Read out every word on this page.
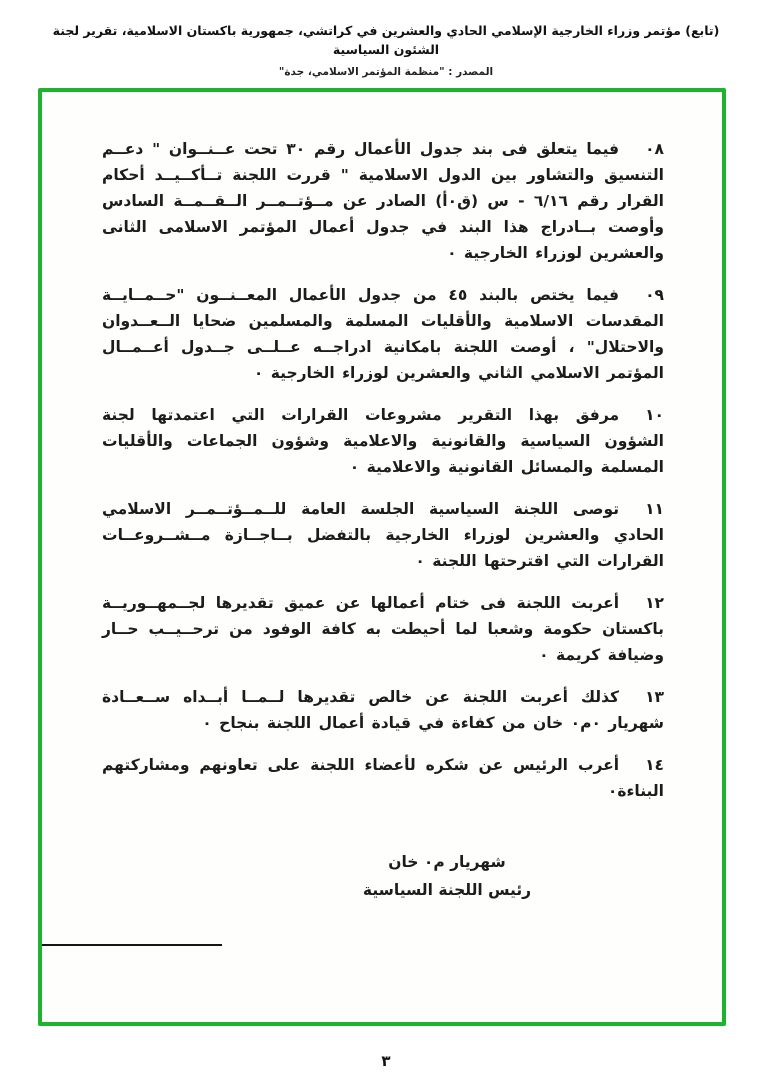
(تابع) مؤتمر وزراء الخارجية الإسلامي الحادي والعشرين في كراتشي، جمهورية باكستان الاسلامية، تقرير لجنة الشئون السياسية
المصدر : "منظمة المؤتمر الاسلامي، جدة"
٠٨فيما يتعلق فى بند جدول الأعمال رقم ٣٠ تحت عــنــوان " دعــم التنسيق والتشاور بين الدول الاسلامية " قررت اللجنة تــأكــيــد أحكام القرار رقم ٦/١٦ - س (ق٠أ) الصادر عن مــؤتــمــر الــقــمــة السادس وأوصت بــادراج هذا البند في جدول أعمال المؤتمر الاسلامى الثانى والعشرين لوزراء الخارجية ٠
٠٩فيما يختص بالبند ٤٥ من جدول الأعمال المعــنــون "حــمــايــة المقدسات الاسلامية والأقليات المسلمة والمسلمين ضحايا الــعــدوان والاحتلال" ، أوصت اللجنة بامكانية ادراجــه عــلــى جــدول أعــمــال المؤتمر الاسلامي الثاني والعشرين لوزراء الخارجية ٠
١٠مرفق بهذا التقرير مشروعات القرارات التي اعتمدتها لجنة الشؤون السياسية والقانونية والاعلامية وشؤون الجماعات والأقليات المسلمة والمسائل القانونية والاعلامية ٠
١١توصى اللجنة السياسية الجلسة العامة للــمــؤتــمــر الاسلامي الحادي والعشرين لوزراء الخارجية بالتفضل بــاجــازة مــشــروعــات القرارات التي اقترحتها اللجنة ٠
١٢أعربت اللجنة فى ختام أعمالها عن عميق تقديرها لجــمهــوريــة باكستان حكومة وشعبا لما أحيطت به كافة الوفود من ترحــيــب حــار وضيافة كريمة ٠
١٣كذلك أعربت اللجنة عن خالص تقديرها لــمــا أبــداه ســعــادة شهريار ٠م٠ خان من كفاءة في قيادة أعمال اللجنة بنجاح ٠
١٤أعرب الرئيس عن شكره لأعضاء اللجنة على تعاونهم ومشاركتهم البناءة٠
شهريار م٠ خان
رئيس اللجنة السياسية
٣
